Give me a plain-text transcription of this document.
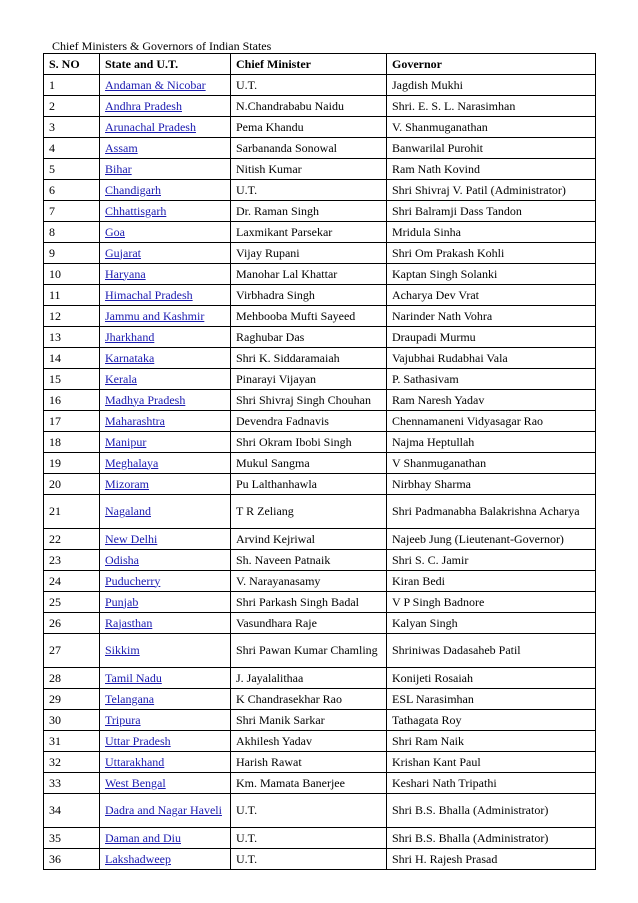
Chief Ministers & Governors of Indian States
S. NO	State and U.T.	Chief Minister	Governor
1	Andaman & Nicobar	U.T.	Jagdish Mukhi
2	Andhra Pradesh	N.Chandrababu Naidu	Shri. E. S. L. Narasimhan
3	Arunachal Pradesh	Pema Khandu	V. Shanmuganathan
4	Assam	Sarbananda Sonowal	Banwarilal Purohit
5	Bihar	Nitish Kumar	Ram Nath Kovind
6	Chandigarh	U.T.	Shri Shivraj V. Patil (Administrator)
7	Chhattisgarh	Dr. Raman Singh	Shri Balramji Dass Tandon
8	Goa	Laxmikant Parsekar	Mridula Sinha
9	Gujarat	Vijay Rupani	Shri Om Prakash Kohli
10	Haryana	Manohar Lal Khattar	Kaptan Singh Solanki
11	Himachal Pradesh	Virbhadra Singh	Acharya Dev Vrat
12	Jammu and Kashmir	Mehbooba Mufti Sayeed	Narinder Nath Vohra
13	Jharkhand	Raghubar Das	Draupadi Murmu
14	Karnataka	Shri K. Siddaramaiah	Vajubhai Rudabhai Vala
15	Kerala	Pinarayi Vijayan	P. Sathasivam
16	Madhya Pradesh	Shri Shivraj Singh Chouhan	Ram Naresh Yadav
17	Maharashtra	Devendra Fadnavis	Chennamaneni Vidyasagar Rao
18	Manipur	Shri Okram Ibobi Singh	Najma Heptullah
19	Meghalaya	Mukul Sangma	V Shanmuganathan
20	Mizoram	Pu Lalthanhawla	Nirbhay Sharma
21	Nagaland	T R Zeliang	Shri Padmanabha Balakrishna Acharya
22	New Delhi	Arvind Kejriwal	Najeeb Jung (Lieutenant-Governor)
23	Odisha	Sh. Naveen Patnaik	Shri S. C. Jamir
24	Puducherry	V. Narayanasamy	Kiran Bedi
25	Punjab	Shri Parkash Singh Badal	V P Singh Badnore
26	Rajasthan	Vasundhara Raje	Kalyan Singh
27	Sikkim	Shri Pawan Kumar Chamling	Shriniwas Dadasaheb Patil
28	Tamil Nadu	J. Jayalalithaa	Konijeti Rosaiah
29	Telangana	K Chandrasekhar Rao	ESL Narasimhan
30	Tripura	Shri Manik Sarkar	Tathagata Roy
31	Uttar Pradesh	Akhilesh Yadav	Shri Ram Naik
32	Uttarakhand	Harish Rawat	Krishan Kant Paul
33	West Bengal	Km. Mamata Banerjee	Keshari Nath Tripathi
34	Dadra and Nagar Haveli	U.T.	Shri B.S. Bhalla (Administrator)
35	Daman and Diu	U.T.	Shri B.S. Bhalla (Administrator)
36	Lakshadweep	U.T.	Shri H. Rajesh Prasad
